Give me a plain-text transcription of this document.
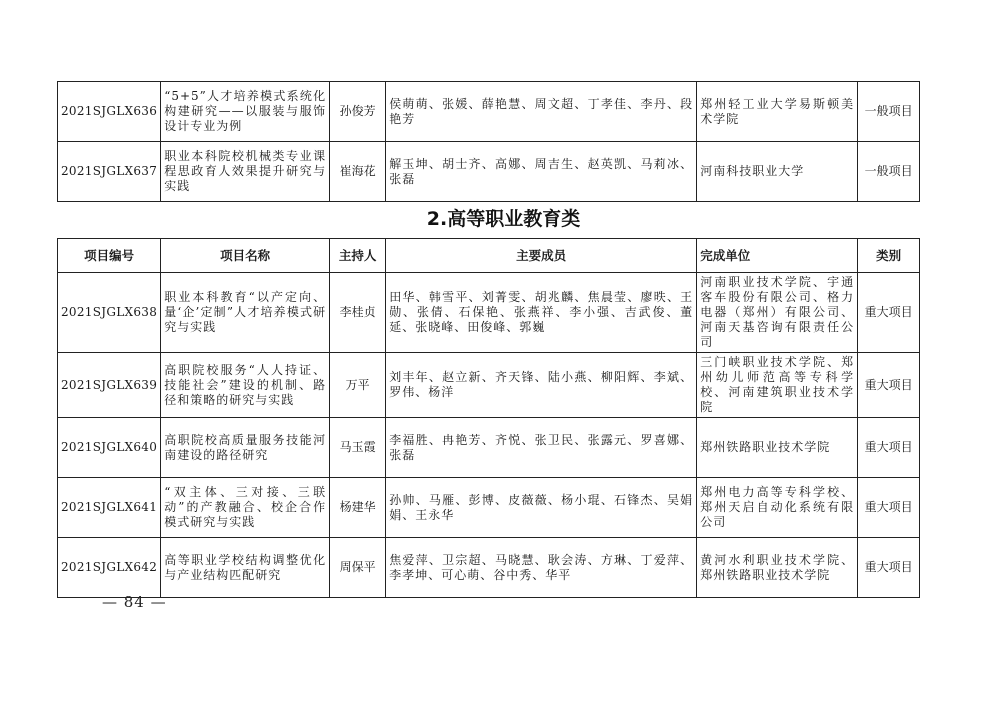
2021SJGLX636	“5+5”人才培养模式系统化构建研究——以服装与服饰设计专业为例	孙俊芳	侯萌萌、张媛、薛艳慧、周文超、丁孝佳、李丹、段艳芳	郑州轻工业大学易斯顿美术学院	一般项目
2021SJGLX637	职业本科院校机械类专业课程思政育人效果提升研究与实践	崔海花	解玉坤、胡士齐、高娜、周吉生、赵英凯、马莉冰、张磊	河南科技职业大学	一般项目
2.高等职业教育类
项目编号	项目名称	主持人	主要成员	完成单位	类别
2021SJGLX638	职业本科教育“以产定向、量‘企’定制”人才培养模式研究与实践	李桂贞	田华、韩雪平、刘菁雯、胡兆麟、焦晨莹、廖昳、王勋、张倩、石保艳、张燕祥、李小强、吉武俊、董延、张晓峰、田俊峰、郭巍	河南职业技术学院、宇通客车股份有限公司、格力电器（郑州）有限公司、河南天基咨询有限责任公司	重大项目
2021SJGLX639	高职院校服务“人人持证、技能社会”建设的机制、路径和策略的研究与实践	万平	刘丰年、赵立新、齐天锋、陆小燕、柳阳辉、李斌、罗伟、杨洋	三门峡职业技术学院、郑州幼儿师范高等专科学校、河南建筑职业技术学院	重大项目
2021SJGLX640	高职院校高质量服务技能河南建设的路径研究	马玉霞	李福胜、冉艳芳、齐悦、张卫民、张露元、罗喜娜、张磊	郑州铁路职业技术学院	重大项目
2021SJGLX641	“双主体、三对接、三联动”的产教融合、校企合作模式研究与实践	杨建华	孙帅、马雁、彭博、皮薇薇、杨小琨、石锋杰、吴娟娟、王永华	郑州电力高等专科学校、郑州天启自动化系统有限公司	重大项目
2021SJGLX642	高等职业学校结构调整优化与产业结构匹配研究	周保平	焦爱萍、卫宗超、马晓慧、耿会涛、方琳、丁爱萍、李孝坤、可心萌、谷中秀、华平	黄河水利职业技术学院、郑州铁路职业技术学院	重大项目
— 84 —
